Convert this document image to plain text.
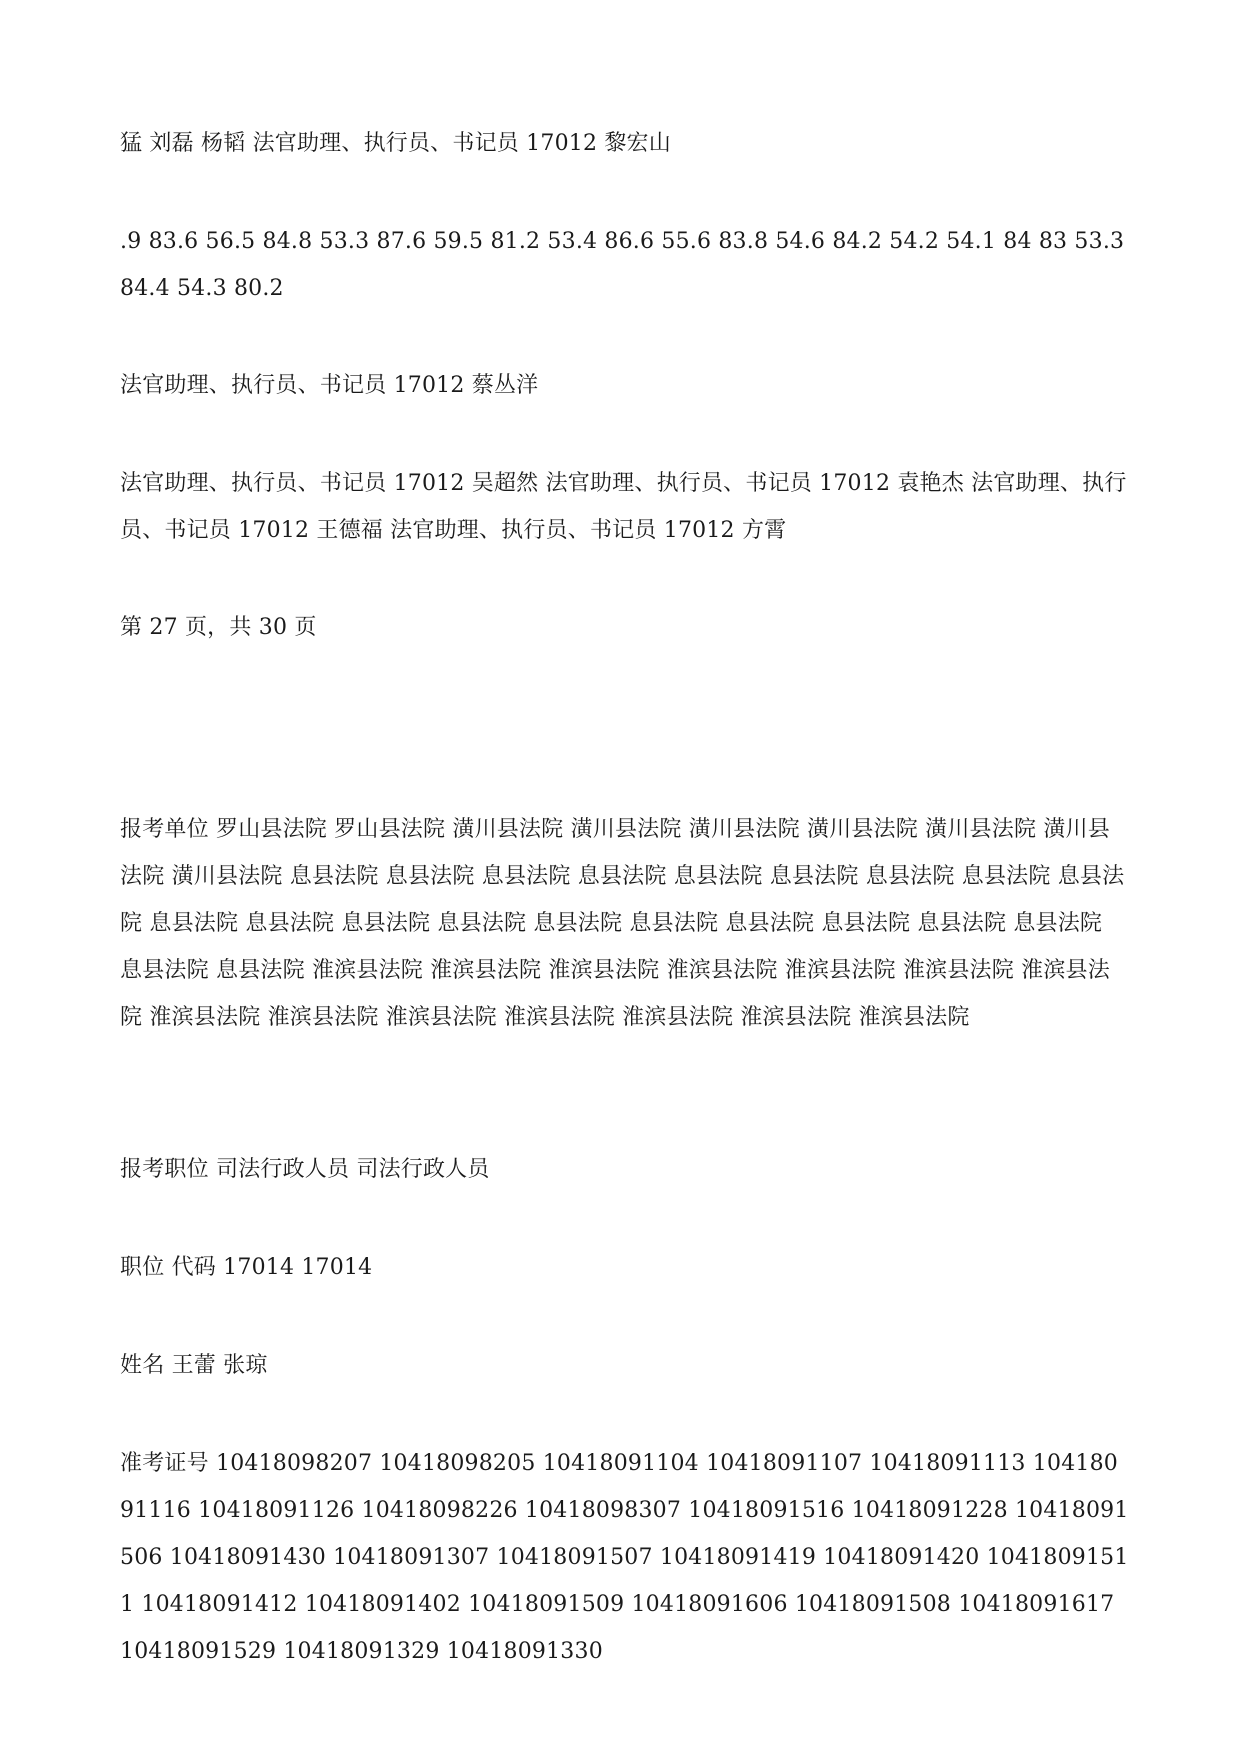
猛 刘磊 杨韬 法官助理、执行员、书记员 17012 黎宏山

.9 83.6 56.5 84.8 53.3 87.6 59.5 81.2 53.4 86.6 55.6 83.8 54.6 84.2 54.2 54.1 84 83 53.3 84.4 54.3 80.2

法官助理、执行员、书记员 17012 蔡丛洋

法官助理、执行员、书记员 17012 吴超然 法官助理、执行员、书记员 17012 袁艳杰 法官助理、执行员、书记员 17012 王德福 法官助理、执行员、书记员 17012 方霄

第 27 页，共 30 页

报考单位 罗山县法院 罗山县法院 潢川县法院 潢川县法院 潢川县法院 潢川县法院 潢川县法院 潢川县法院 潢川县法院 息县法院 息县法院 息县法院 息县法院 息县法院 息县法院 息县法院 息县法院 息县法院 息县法院 息县法院 息县法院 息县法院 息县法院 息县法院 息县法院 息县法院 息县法院 息县法院 息县法院 息县法院 淮滨县法院 淮滨县法院 淮滨县法院 淮滨县法院 淮滨县法院 淮滨县法院 淮滨县法院 淮滨县法院 淮滨县法院 淮滨县法院 淮滨县法院 淮滨县法院 淮滨县法院 淮滨县法院

报考职位 司法行政人员 司法行政人员

职位 代码 17014 17014

姓名 王蕾 张琼

准考证号 10418098207 10418098205 10418091104 10418091107 10418091113 10418091116 10418091126 10418098226 10418098307 10418091516 10418091228 10418091506 10418091430 10418091307 10418091507 10418091419 10418091420 10418091511 10418091412 10418091402 10418091509 10418091606 10418091508 10418091617 10418091529 10418091329 10418091330
